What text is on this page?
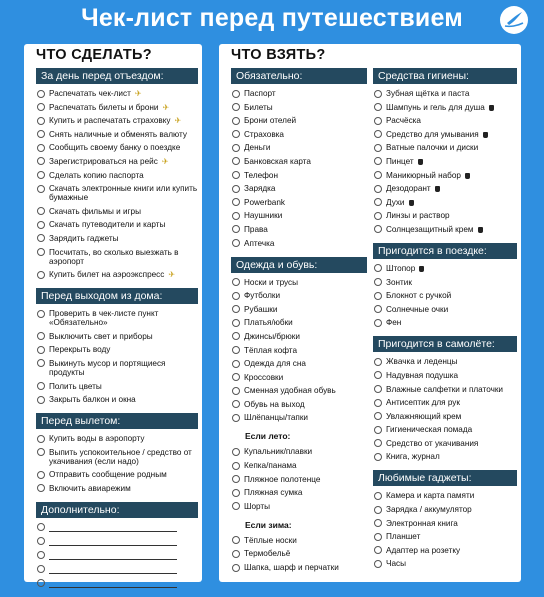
Чек-лист перед путешествием
ЧТО СДЕЛАТЬ?
За день перед отъездом:
Распечатать чек-лист ✈
Распечатать билеты и брони ✈
Купить и распечатать страховку ✈
Снять наличные и обменять валюту
Сообщить своему банку о поездке
Зарегистрироваться на рейс ✈
Сделать копию паспорта
Скачать электронные книги или купить бумажные
Скачать фильмы и игры
Скачать путеводители и карты
Зарядить гаджеты
Посчитать, во сколько выезжать в аэропорт
Купить билет на аэроэкспресс ✈
Перед выходом из дома:
Проверить в чек-листе пункт «Обязательно»
Выключить свет и приборы
Перекрыть воду
Выкинуть мусор и портящиеся продукты
Полить цветы
Закрыть балкон и окна
Перед вылетом:
Купить воды в аэропорту
Выпить успокоительное / средство от укачивания (если надо)
Отправить сообщение родным
Включить авиарежим
Дополнительно:
ЧТО ВЗЯТЬ?
Обязательно:
Паспорт
Билеты
Брони отелей
Страховка
Деньги
Банковская карта
Телефон
Зарядка
Powerbank
Наушники
Права
Аптечка
Одежда и обувь:
Носки и трусы
Футболки
Рубашки
Платья/юбки
Джинсы/брюки
Тёплая кофта
Одежда для сна
Кроссовки
Сменная удобная обувь
Обувь на выход
Шлёпанцы/тапки
Если лето:
Купальник/плавки
Кепка/панама
Пляжное полотенце
Пляжная сумка
Шорты
Если зима:
Тёплые носки
Термобельё
Шапка, шарф и перчатки
Средства гигиены:
Зубная щётка и паста
Шампунь и гель для душа
Расчёска
Средство для умывания
Ватные палочки и диски
Пинцет
Маникюрный набор
Дезодорант
Духи
Линзы и раствор
Солнцезащитный крем
Пригодится в поездке:
Штопор
Зонтик
Блокнот с ручкой
Солнечные очки
Фен
Пригодится в самолёте:
Жвачка и леденцы
Надувная подушка
Влажные салфетки и платочки
Антисептик для рук
Увлажняющий крем
Гигиеническая помада
Средство от укачивания
Книга, журнал
Любимые гаджеты:
Камера и карта памяти
Зарядка / аккумулятор
Электронная книга
Планшет
Адаптер на розетку
Часы
